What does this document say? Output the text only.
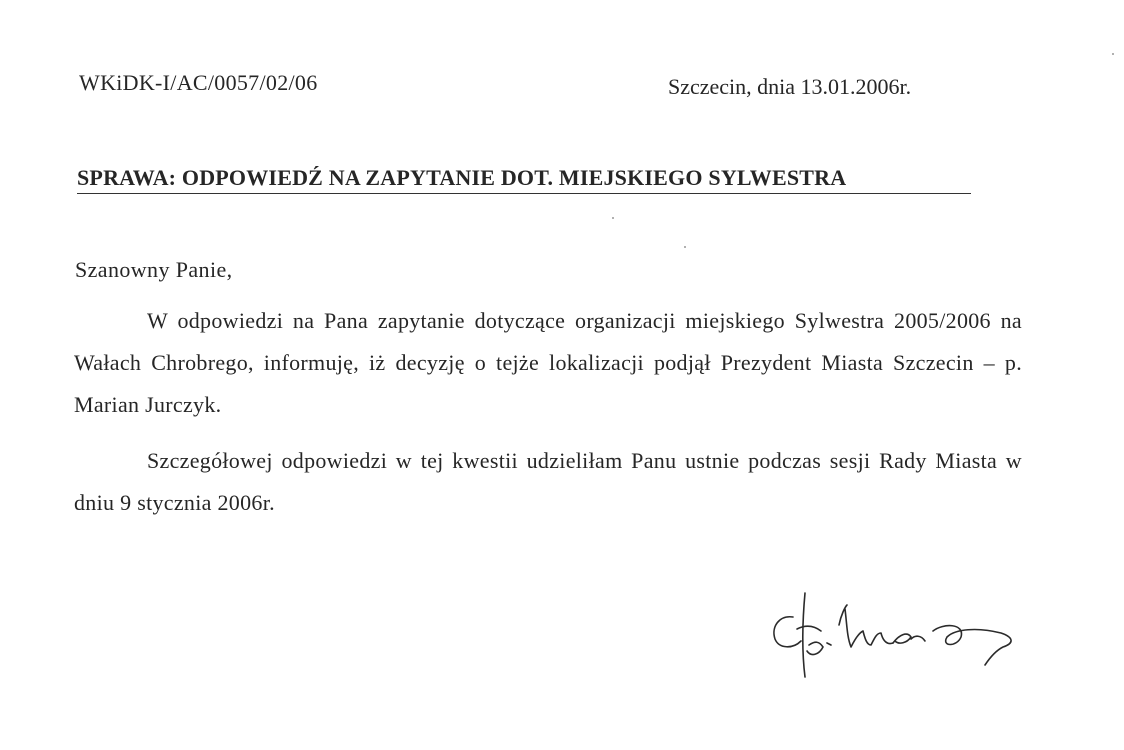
WKiDK-I/AC/0057/02/06	Szczecin, dnia 13.01.2006r.
SPRAWA: ODPOWIEDŹ NA ZAPYTANIE DOT. MIEJSKIEGO SYLWESTRA
Szanowny Panie,
W odpowiedzi na Pana zapytanie dotyczące organizacji miejskiego Sylwestra 2005/2006 na Wałach Chrobrego, informuję, iż decyzję o tejże lokalizacji podjął Prezydent Miasta Szczecin – p. Marian Jurczyk.
Szczegółowej odpowiedzi w tej kwestii udzieliłam Panu ustnie podczas sesji Rady Miasta w dniu 9 stycznia 2006r.
